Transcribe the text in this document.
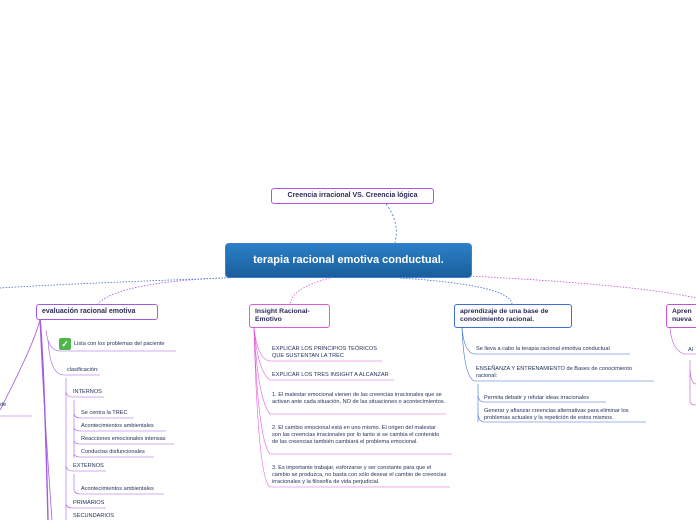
Creencia irracional VS. Creencia lógica
terapia racional emotiva conductual.
evaluación racional emotiva	Insight Racional-Emotivo
aprendizaje de una base de conocimiento racional.
Apren
nueva
Al
de
✓ Lista con los problemas del paciente
clasificación:
INTERNOS
Se centra la TREC
Acontecimientos ambientales
Reacciones emocionales intensas
Conductas disfuncionales
EXTERNOS
Acontecimientos ambientales
PRIMARIOS
SECUNDARIOS
EXPLICAR LOS PRINCIPIOS TEÓRICOS QUE SUSTENTAN LA TREC
EXPLICAR LOS TRES INSIGHT A ALCANZAR
1. El malestar emocional vienen de las creencias irracionales que se activan ante cada situación, NO de las situaciones o acontecimientos.
2. El cambio emocional está en uno mismo. El origen del malestar son las creencias irracionales por lo tanto si se cambia el contenido de las creencias también cambiará el problema emocional.
3. Es importante trabajar, esforzarse y ser constante para que el cambio se produzca, no basta con sólo desear el cambio de creencias irracionales y la filosofía de vida perjudicial.
Se lleva a cabo la terapia racional emotiva conductual
ENSEÑANZA Y ENTRENAMIENTO de Bases de conocimiento racional:
Permita debatir y refutar ideas irracionales
Generar y afianzar creencias alternativas para eliminar los problemas actuales y la repetición de estos mismos.
